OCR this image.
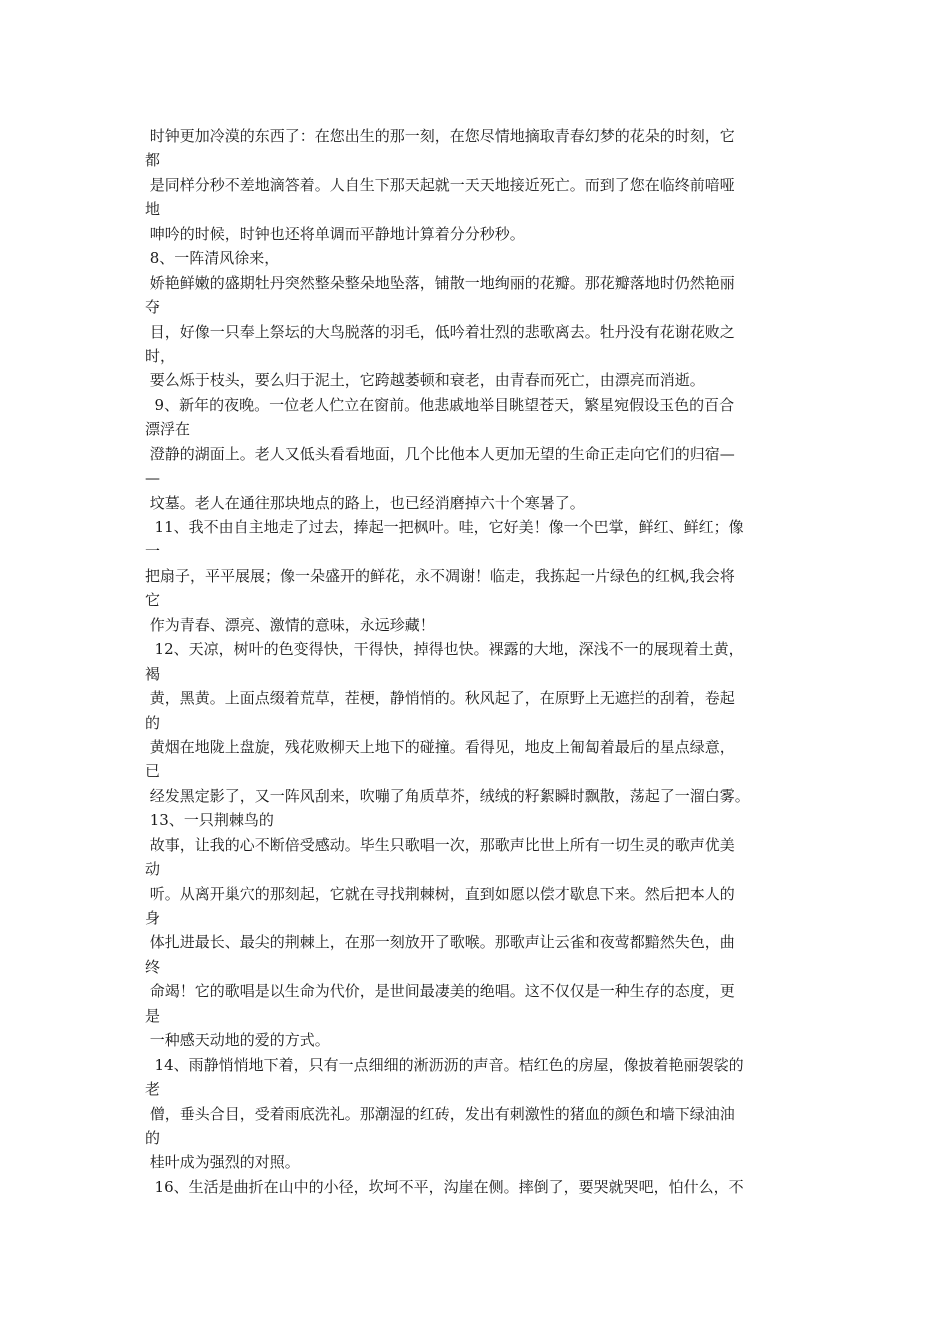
时钟更加冷漠的东西了：在您出生的那一刻，在您尽情地摘取青春幻梦的花朵的时刻，它
都
是同样分秒不差地滴答着。人自生下那天起就一天天地接近死亡。而到了您在临终前喑哑
地
呻吟的时候，时钟也还将单调而平静地计算着分分秒秒。
8、一阵清风徐来，
娇艳鲜嫩的盛期牡丹突然整朵整朵地坠落，铺散一地绚丽的花瓣。那花瓣落地时仍然艳丽
夺
目，好像一只奉上祭坛的大鸟脱落的羽毛，低吟着壮烈的悲歌离去。牡丹没有花谢花败之
时，
要么烁于枝头，要么归于泥土，它跨越萎顿和衰老，由青春而死亡，由漂亮而消逝。
9、新年的夜晚。一位老人伫立在窗前。他悲戚地举目眺望苍天，繁星宛假设玉色的百合
漂浮在
澄静的湖面上。老人又低头看看地面，几个比他本人更加无望的生命正走向它们的归宿—
—
坟墓。老人在通往那块地点的路上，也已经消磨掉六十个寒暑了。
11、我不由自主地走了过去，捧起一把枫叶。哇，它好美！像一个巴掌，鲜红、鲜红；像
一
把扇子，平平展展；像一朵盛开的鲜花，永不凋谢！临走，我拣起一片绿色的红枫,我会将
它
作为青春、漂亮、激情的意味，永远珍藏！
12、天凉，树叶的色变得快，干得快，掉得也快。裸露的大地，深浅不一的展现着土黄，
褐
黄，黑黄。上面点缀着荒草，茬梗，静悄悄的。秋风起了，在原野上无遮拦的刮着，卷起
的
黄烟在地陇上盘旋，残花败柳天上地下的碰撞。看得见，地皮上匍匐着最后的星点绿意，
已
经发黑定影了，又一阵风刮来，吹嘣了角质草芥，绒绒的籽絮瞬时飘散，荡起了一溜白雾。
13、一只荆棘鸟的
故事，让我的心不断倍受感动。毕生只歌唱一次，那歌声比世上所有一切生灵的歌声优美
动
听。从离开巢穴的那刻起，它就在寻找荆棘树，直到如愿以偿才歇息下来。然后把本人的
身
体扎进最长、最尖的荆棘上，在那一刻放开了歌喉。那歌声让云雀和夜莺都黯然失色，曲
终
命竭！它的歌唱是以生命为代价，是世间最凄美的绝唱。这不仅仅是一种生存的态度，更
是
一种感天动地的爱的方式。
14、雨静悄悄地下着，只有一点细细的淅沥沥的声音。桔红色的房屋，像披着艳丽袈裟的
老
僧，垂头合目，受着雨底洗礼。那潮湿的红砖，发出有刺激性的猪血的颜色和墙下绿油油
的
桂叶成为强烈的对照。
16、生活是曲折在山中的小径，坎坷不平，沟崖在侧。摔倒了，要哭就哭吧，怕什么，不
